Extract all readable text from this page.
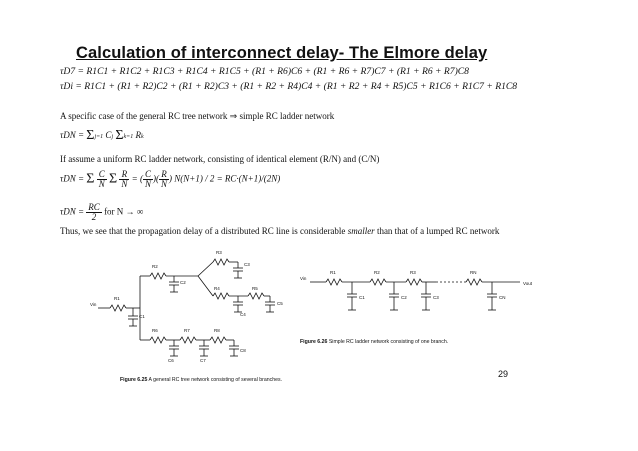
Calculation of interconnect delay- The Elmore delay
τD7 = R1C1 + R1C2 + R1C3 + R1C4 + R1C5 + (R1 + R6)C6 + (R1 + R6 + R7)C7 + (R1 + R6 + R7)C8
τDi = R1C1 + (R1 + R2)C2 + (R1 + R2)C3 + (R1 + R2 + R4)C4 + (R1 + R2 + R4 + R5)C5 + R1C6 + R1C7 + R1C8
A specific case of the general RC tree network ⇒ simple RC ladder network
τDN = Σj=1 Cj Σk=1 Rk
If assume a uniform RC ladder network, consisting of identical element (R/N) and (C/N)
τDN = Σ $\frac{C}{N}$ Σ $\frac{R}{N}$ = ( $\frac{C}{N}$ )( $\frac{R}{N}$ ) N(N+1) / 2 = RC·(N+1)/(2N)
$\tau DN = \frac{RC}{2}$ for N → ∞
Thus, we see that the propagation delay of a distributed RC line is considerable smaller than that of a lumped RC network
Vin
R1
C1
R2
C2
R3
C3
R4
C4
R5
C5
R6
C6
R7
C7
R8
C8
Figure 6.25 A general RC tree network consisting of several branches.
Vin
R1
C1
R2
C2
R3
C3
RN
CN
Vout
Figure 6.26 Simple RC ladder network consisting of one branch.
29
